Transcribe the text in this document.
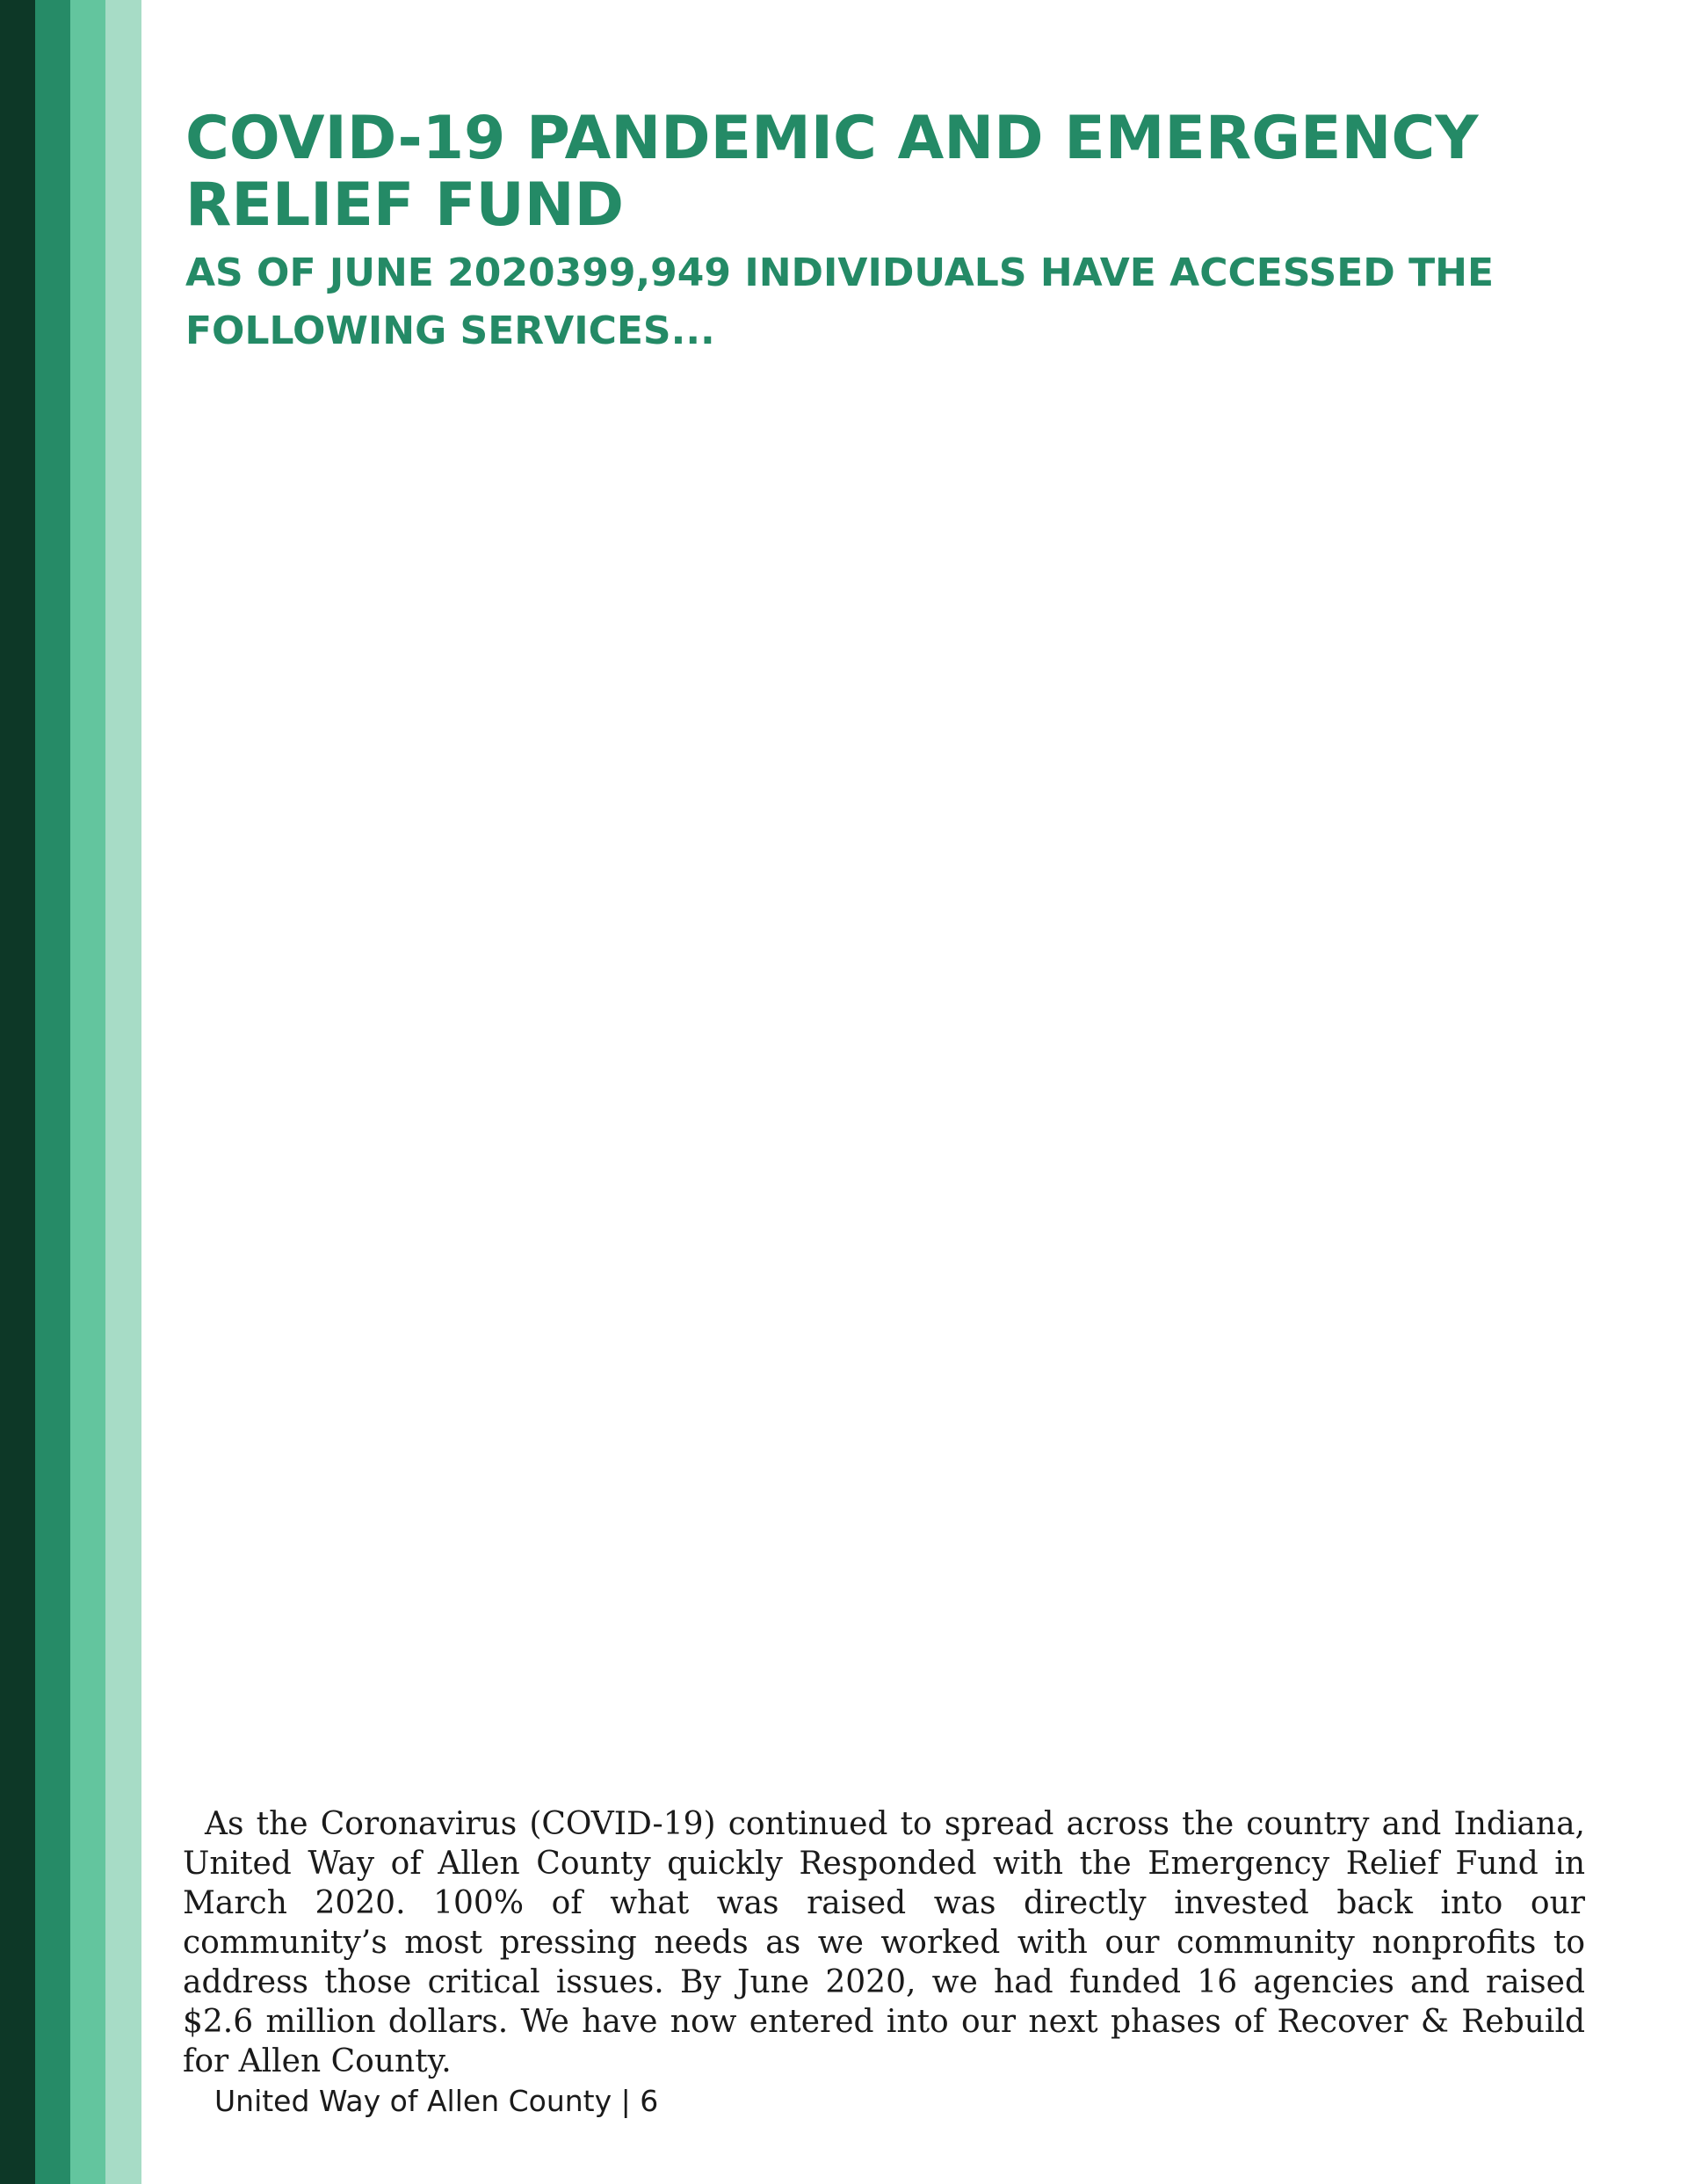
COVID-19 PANDEMIC AND EMERGENCY RELIEF FUND
AS OF JUNE 2020399,949 INDIVIDUALS HAVE ACCESSED THE FOLLOWING SERVICES...

As the Coronavirus (COVID-19) continued to spread across the country and Indiana, United Way of Allen County quickly Responded with the Emergency Relief Fund in March 2020. 100% of what was raised was directly invested back into our community’s most pressing needs as we worked with our community nonprofits to address those critical issues. By June 2020, we had funded 16 agencies and raised $2.6 million dollars. We have now entered into our next phases of Recover & Rebuild for Allen County.

United Way of Allen County | 6
